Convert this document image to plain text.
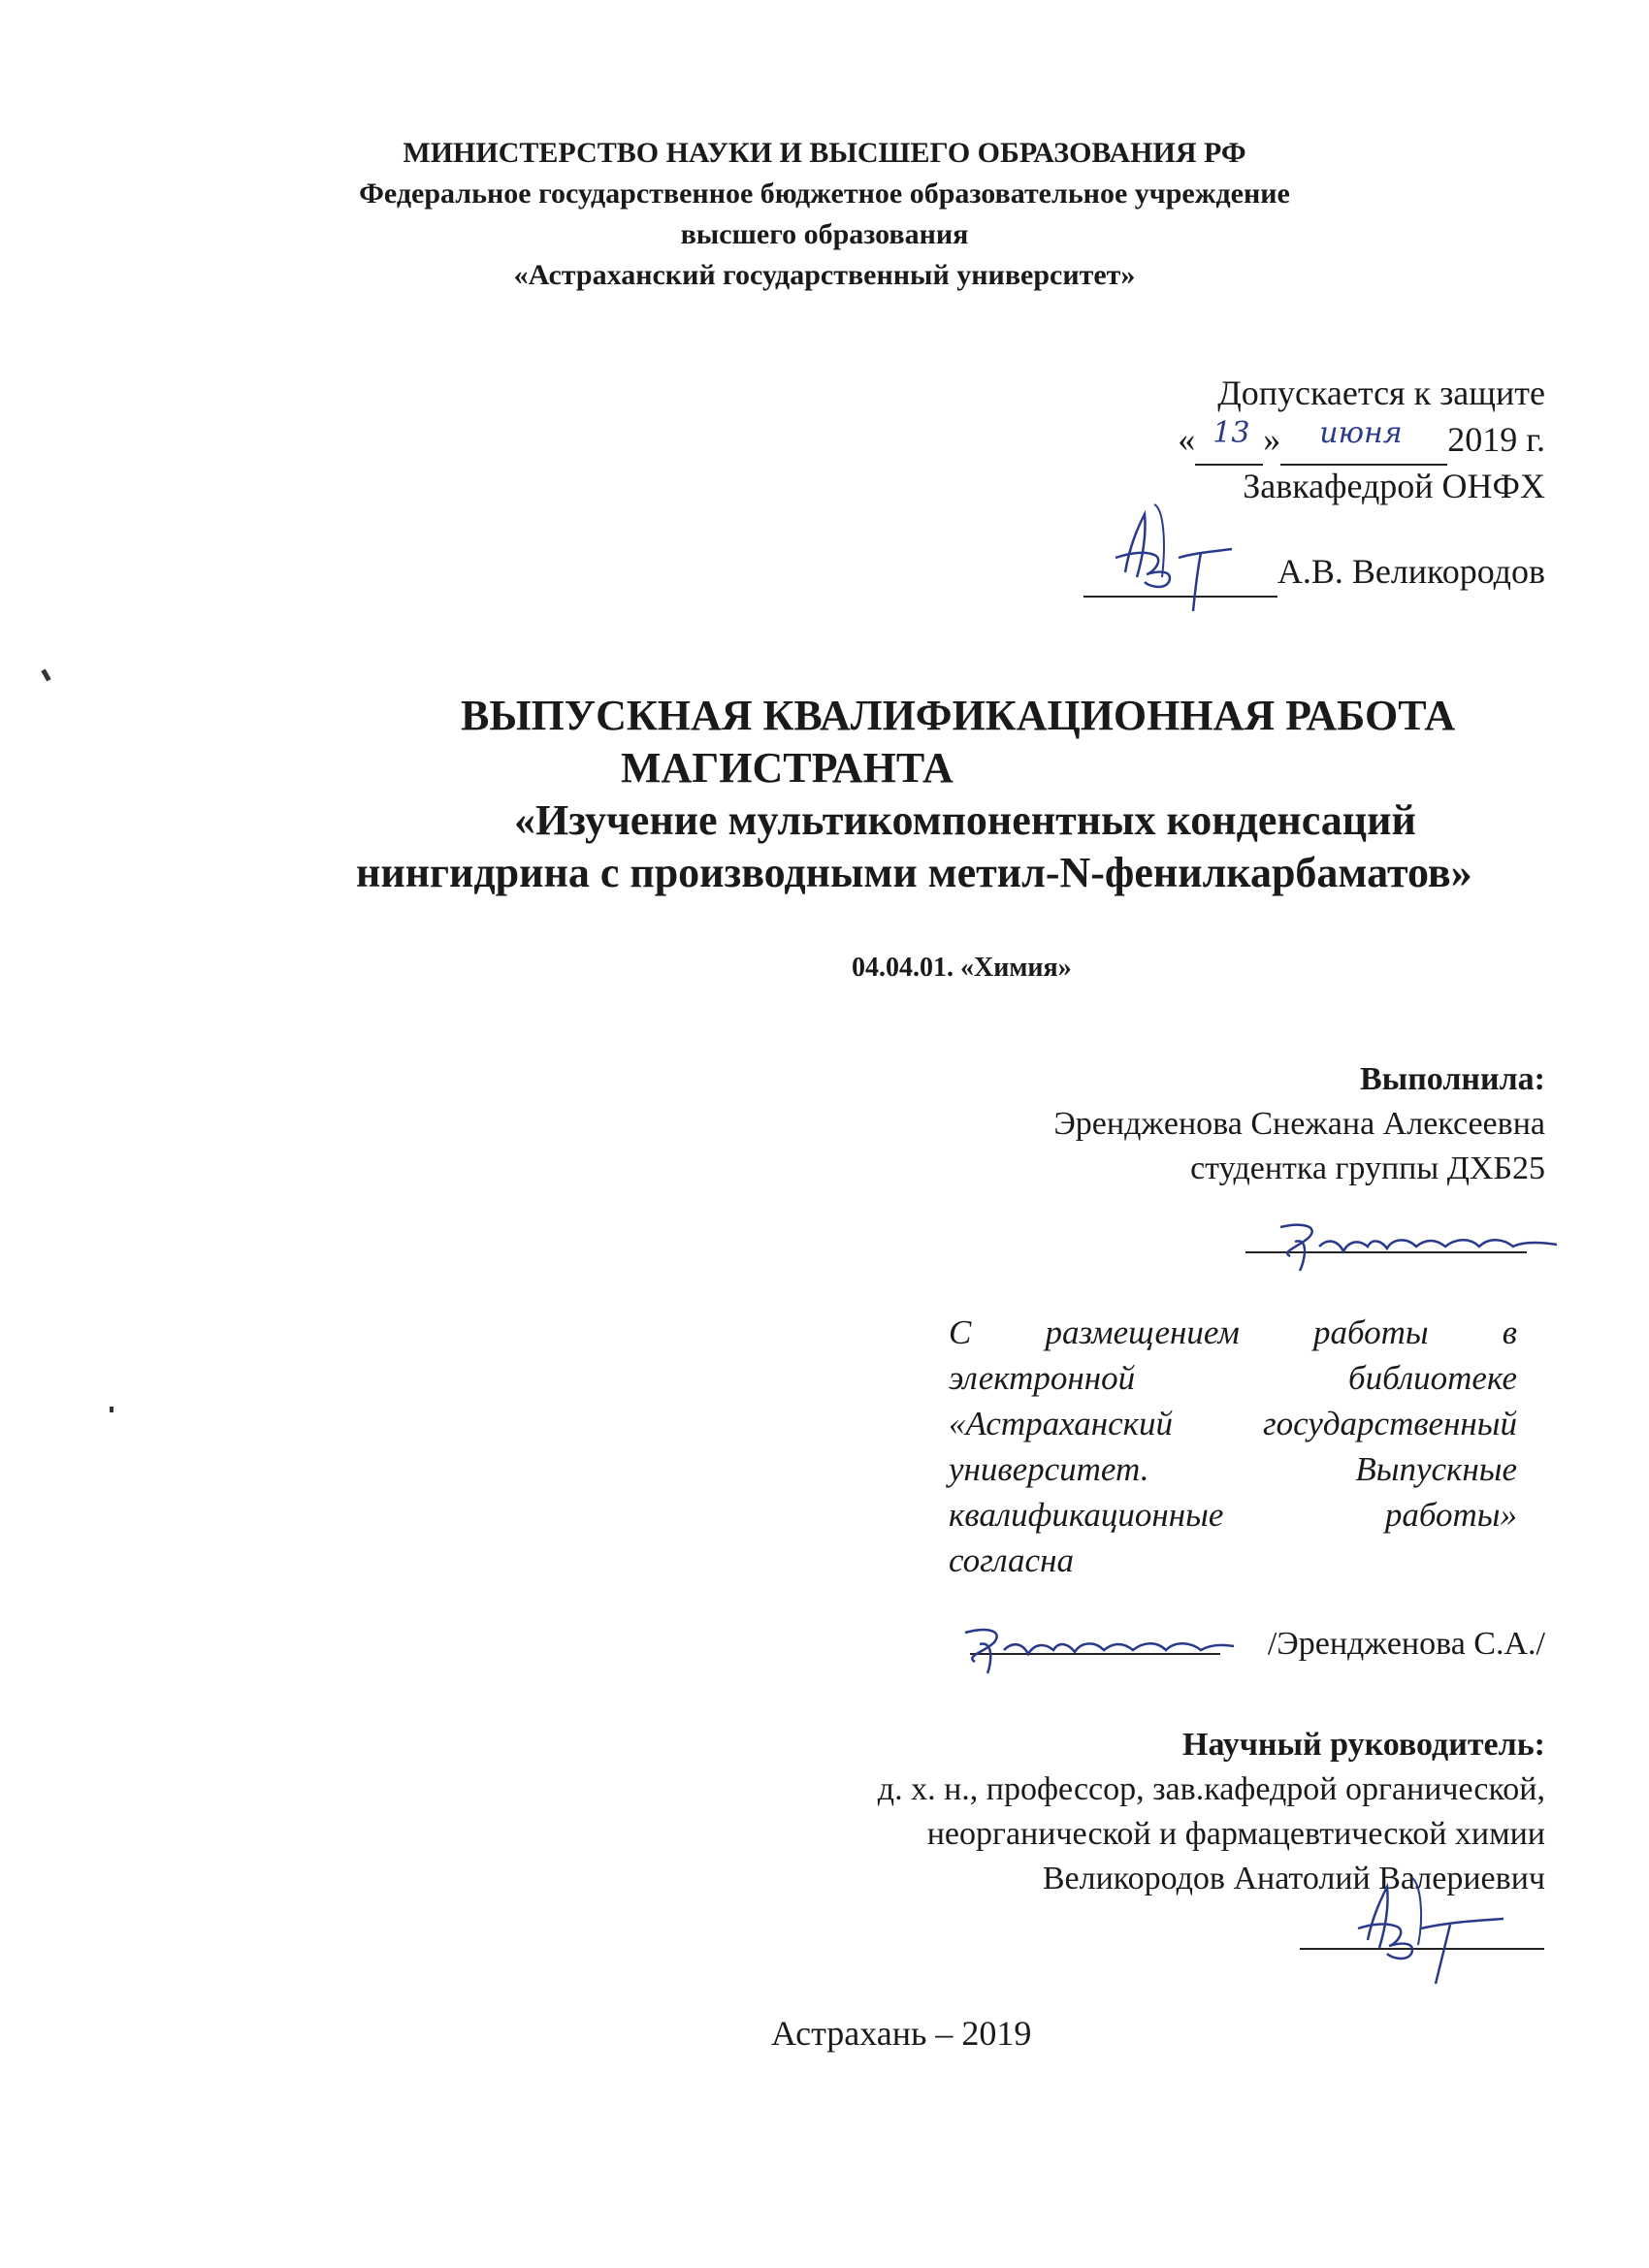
МИНИСТЕРСТВО НАУКИ И ВЫСШЕГО ОБРАЗОВАНИЯ РФ
Федеральное государственное бюджетное образовательное учреждение
высшего образования
«Астраханский государственный университет»
Допускается к защите
« 13 » июня 2019 г.
Завкафедрой ОНФХ
А.В. Великородов
ВЫПУСКНАЯ КВАЛИФИКАЦИОННАЯ РАБОТА
МАГИСТРАНТА
«Изучение мультикомпонентных конденсаций
нингидрина с производными метил-N-фенилкарбаматов»
04.04.01. «Химия»
Выполнила:
Эренджeнова Снежана Алексеевна
студентка группы ДХБ25
С размещением работы в
электронной библиотеке
«Астраханский государственный
университет. Выпускные
квалификационные работы»
согласна
/Эренджeнова С.А./
Научный руководитель:
д. х. н., профессор, зав.кафедрой органической,
неорганической и фармацевтической химии
Великородов Анатолий Валериевич
Астрахань – 2019
